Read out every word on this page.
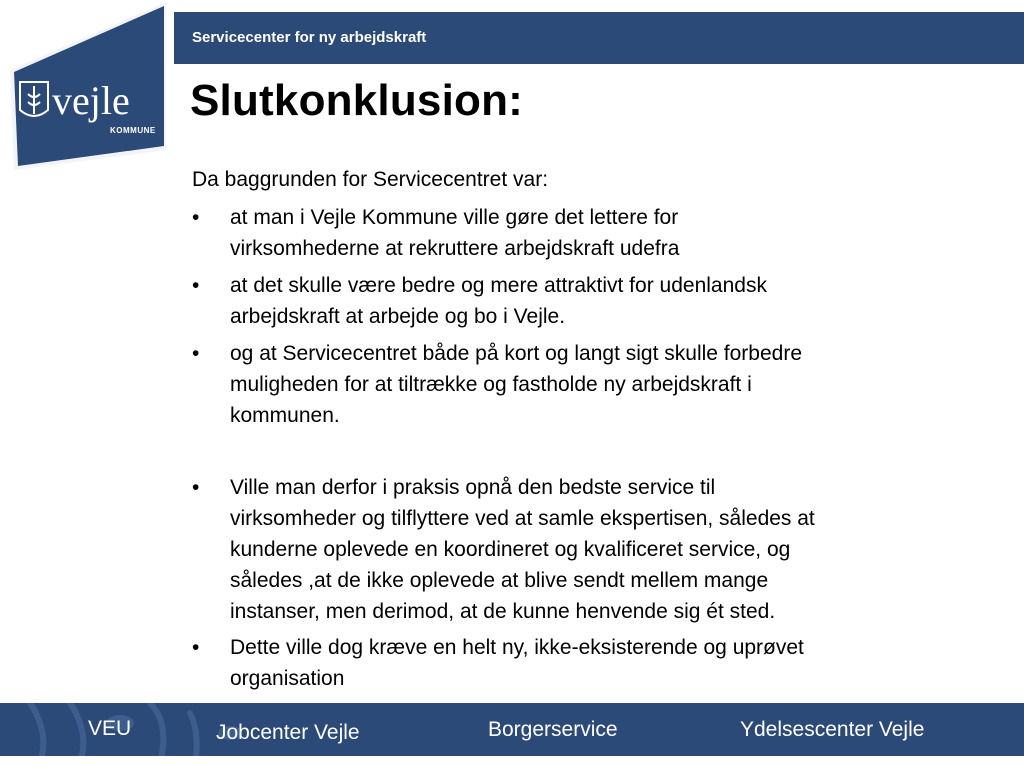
vejle
KOMMUNE
Servicecenter for ny arbejdskraft
Slutkonklusion:
Da baggrunden for Servicecentret var:
•	at man i Vejle Kommune ville gøre det lettere for
virksomhederne at rekruttere arbejdskraft udefra
•	at det skulle være bedre og mere attraktivt for udenlandsk
arbejdskraft at arbejde og bo i Vejle.
•	og at Servicecentret både på kort og langt sigt skulle forbedre
muligheden for at tiltrække og fastholde ny arbejdskraft i
kommunen.
•	Ville man derfor i praksis opnå den bedste service til
virksomheder og tilflyttere ved at samle ekspertisen, således at
kunderne oplevede en koordineret og kvalificeret service, og
således ,at de ikke oplevede at blive sendt mellem mange
instanser, men derimod, at de kunne henvende sig ét sted.
•	Dette ville dog kræve en helt ny, ikke-eksisterende og uprøvet
organisation
VEU	Jobcenter Vejle	Borgerservice	Ydelsescenter Vejle
